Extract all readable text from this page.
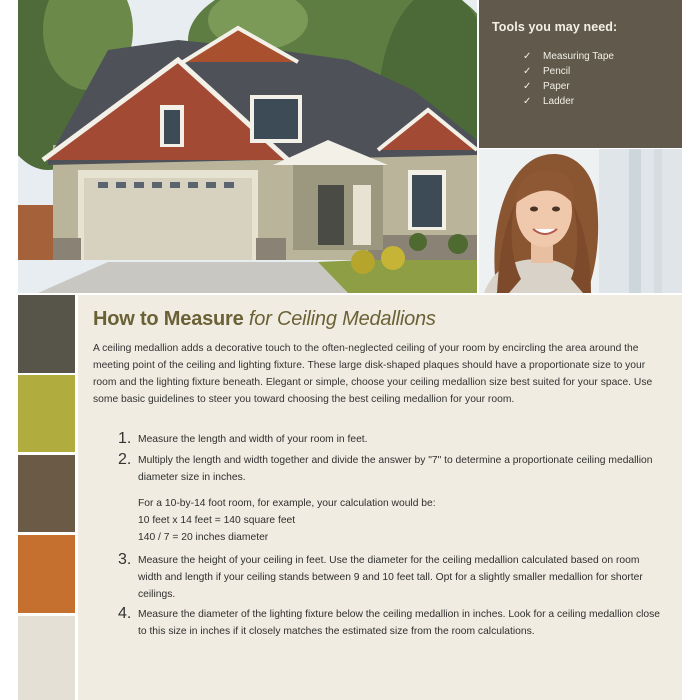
Tools you may need:
✓	Measuring Tape
✓	Pencil
✓	Paper
✓	Ladder
How to Measure for Ceiling Medallions

A ceiling medallion adds a decorative touch to the often-neglected ceiling of your room by encircling the area around the meeting point of the ceiling and lighting fixture. These large disk-shaped plaques should have a proportionate size to your room and the lighting fixture beneath. Elegant or simple, choose your ceiling medallion size best suited for your space. Use some basic guidelines to steer you toward choosing the best ceiling medallion for your room.

1. Measure the length and width of your room in feet.
2. Multiply the length and width together and divide the answer by "7" to determine a proportionate ceiling medallion diameter size in inches.
For a 10-by-14 foot room, for example, your calculation would be:
10 feet x 14 feet = 140 square feet
140 / 7 = 20 inches diameter
3. Measure the height of your ceiling in feet. Use the diameter for the ceiling medallion calculated based on room width and length if your ceiling stands between 9 and 10 feet tall. Opt for a slightly smaller medallion for shorter ceilings.
4. Measure the diameter of the lighting fixture below the ceiling medallion in inches. Look for a ceiling medallion close to this size in inches if it closely matches the estimated size from the room calculations.
